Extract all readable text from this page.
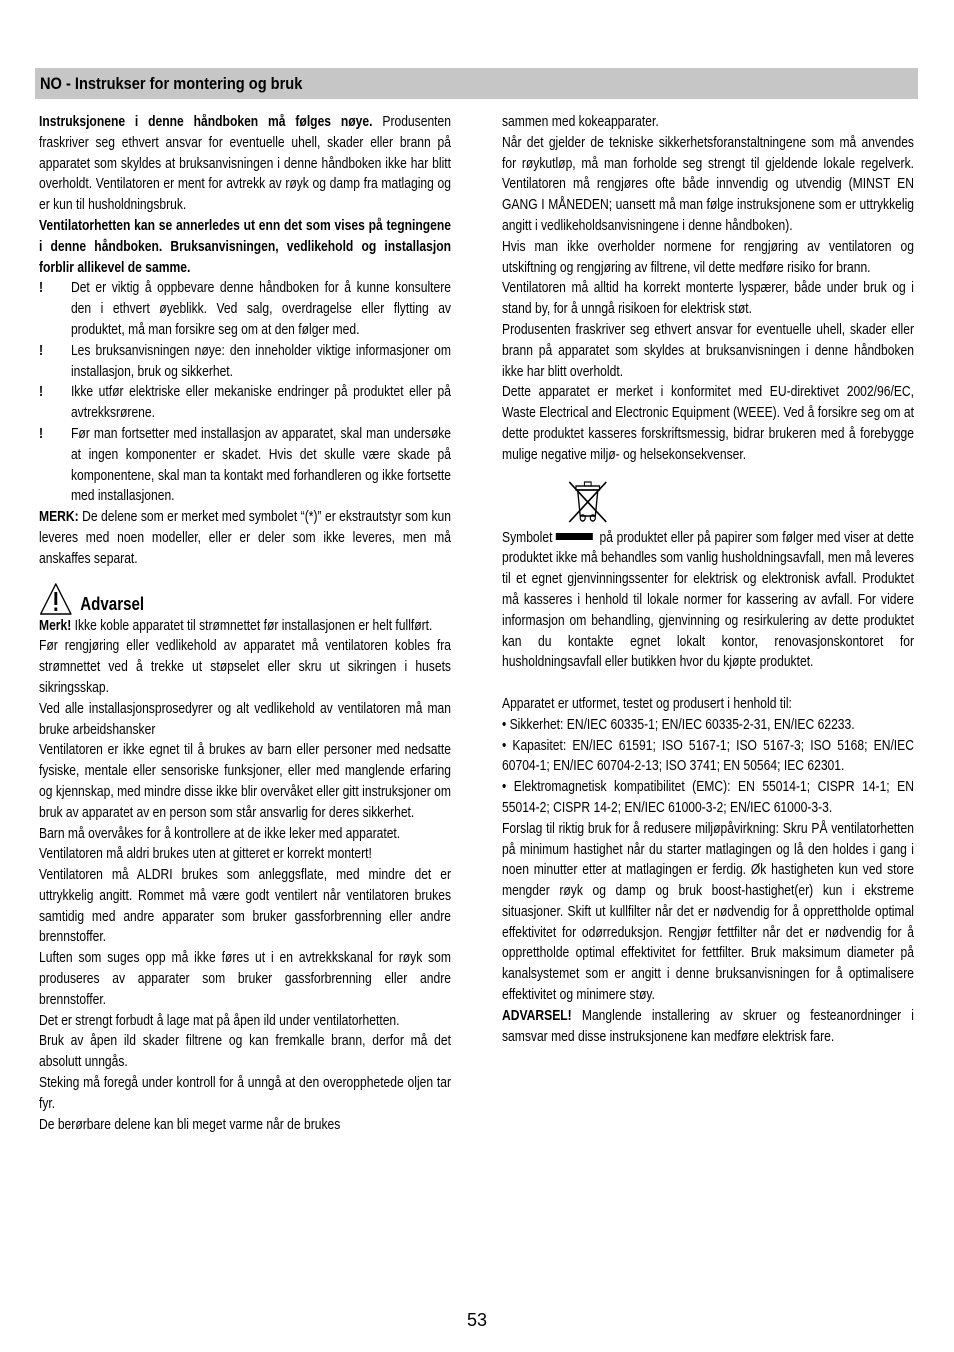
NO - Instrukser for montering og bruk

Instruksjonene i denne håndboken må følges nøye. Produsenten fraskriver seg ethvert ansvar for eventuelle uhell, skader eller brann på apparatet som skyldes at bruksanvisningen i denne håndboken ikke har blitt overholdt. Ventilatoren er ment for avtrekk av røyk og damp fra matlaging og er kun til husholdningsbruk.

Ventilatorhetten kan se annerledes ut enn det som vises på tegningene i denne håndboken. Bruksanvisningen, vedlikehold og installasjon forblir allikevel de samme.

!	Det er viktig å oppbevare denne håndboken for å kunne konsultere den i ethvert øyeblikk. Ved salg, overdragelse eller flytting av produktet, må man forsikre seg om at den følger med.
!	Les bruksanvisningen nøye: den inneholder viktige informasjoner om installasjon, bruk og sikkerhet.
!	Ikke utfør elektriske eller mekaniske endringer på produktet eller på avtrekksrørene.
!	Før man fortsetter med installasjon av apparatet, skal man undersøke at ingen komponenter er skadet. Hvis det skulle være skade på komponentene, skal man ta kontakt med forhandleren og ikke fortsette med installasjonen.

MERK: De delene som er merket med symbolet “(*)” er ekstrautstyr som kun leveres med noen modeller, eller er deler som ikke leveres, men må anskaffes separat.

Advarsel

Merk! Ikke koble apparatet til strømnettet før installasjonen er helt fullført.

Før rengjøring eller vedlikehold av apparatet må ventilatoren kobles fra strømnettet ved å trekke ut støpselet eller skru ut sikringen i husets sikringsskap.

Ved alle installasjonsprosedyrer og alt vedlikehold av ventilatoren må man bruke arbeidshansker

Ventilatoren er ikke egnet til å brukes av barn eller personer med nedsatte fysiske, mentale eller sensoriske funksjoner, eller med manglende erfaring og kjennskap, med mindre disse ikke blir overvåket eller gitt instruksjoner om bruk av apparatet av en person som står ansvarlig for deres sikkerhet.

Barn må overvåkes for å kontrollere at de ikke leker med apparatet.

Ventilatoren må aldri brukes uten at gitteret er korrekt montert!

Ventilatoren må ALDRI brukes som anleggsflate, med mindre det er uttrykkelig angitt. Rommet må være godt ventilert når ventilatoren brukes samtidig med andre apparater som bruker gassforbrenning eller andre brennstoffer.

Luften som suges opp må ikke føres ut i en avtrekkskanal for røyk som produseres av apparater som bruker gassforbrenning eller andre brennstoffer.

Det er strengt forbudt å lage mat på åpen ild under ventilatorhetten.

Bruk av åpen ild skader filtrene og kan fremkalle brann, derfor må det absolutt unngås.

Steking må foregå under kontroll for å unngå at den overopphetede oljen tar fyr.

De berørbare delene kan bli meget varme når de brukes

sammen med kokeapparater.

Når det gjelder de tekniske sikkerhetsforanstaltningene som må anvendes for røykutløp, må man forholde seg strengt til gjeldende lokale regelverk. Ventilatoren må rengjøres ofte både innvendig og utvendig (MINST EN GANG I MÅNEDEN; uansett må man følge instruksjonene som er uttrykkelig angitt i vedlikeholdsanvisningene i denne håndboken).

Hvis man ikke overholder normene for rengjøring av ventilatoren og utskiftning og rengjøring av filtrene, vil dette medføre risiko for brann.

Ventilatoren må alltid ha korrekt monterte lyspærer, både under bruk og i stand by, for å unngå risikoen for elektrisk støt.

Produsenten fraskriver seg ethvert ansvar for eventuelle uhell, skader eller brann på apparatet som skyldes at bruksanvisningen i denne håndboken ikke har blitt overholdt.

Dette apparatet er merket i konformitet med EU-direktivet 2002/96/EC, Waste Electrical and Electronic Equipment (WEEE). Ved å forsikre seg om at dette produktet kasseres forskriftsmessig, bidrar brukeren med å forebygge mulige negative miljø- og helsekonsekvenser.

Symbolet	på produktet eller på papirer som følger med viser at dette produktet ikke må behandles som vanlig husholdningsavfall, men må leveres til et egnet gjenvinningssenter for elektrisk og elektronisk avfall. Produktet må kasseres i henhold til lokale normer for kassering av avfall. For videre informasjon om behandling, gjenvinning og resirkulering av dette produktet kan du kontakte egnet lokalt kontor, renovasjonskontoret for husholdningsavfall eller butikken hvor du kjøpte produktet.

Apparatet er utformet, testet og produsert i henhold til:

• Sikkerhet: EN/IEC 60335-1; EN/IEC 60335-2-31, EN/IEC 62233.

• Kapasitet: EN/IEC 61591; ISO 5167-1; ISO 5167-3; ISO 5168; EN/IEC 60704-1; EN/IEC 60704-2-13; ISO 3741; EN 50564; IEC 62301.

• Elektromagnetisk kompatibilitet (EMC): EN 55014-1; CISPR 14-1; EN 55014-2; CISPR 14-2; EN/IEC 61000-3-2; EN/IEC 61000-3-3.

Forslag til riktig bruk for å redusere miljøpåvirkning: Skru PÅ ventilatorhetten på minimum hastighet når du starter matlagingen og lå den holdes i gang i noen minutter etter at matlagingen er ferdig. Øk hastigheten kun ved store mengder røyk og damp og bruk boost-hastighet(er) kun i ekstreme situasjoner. Skift ut kullfilter når det er nødvendig for å opprettholde optimal effektivitet for odørreduksjon. Rengjør fettfilter når det er nødvendig for å opprettholde optimal effektivitet for fettfilter. Bruk maksimum diameter på kanalsystemet som er angitt i denne bruksanvisningen for å optimalisere effektivitet og minimere støy.

ADVARSEL! Manglende installering av skruer og festeanordninger i samsvar med disse instruksjonene kan medføre elektrisk fare.

53
